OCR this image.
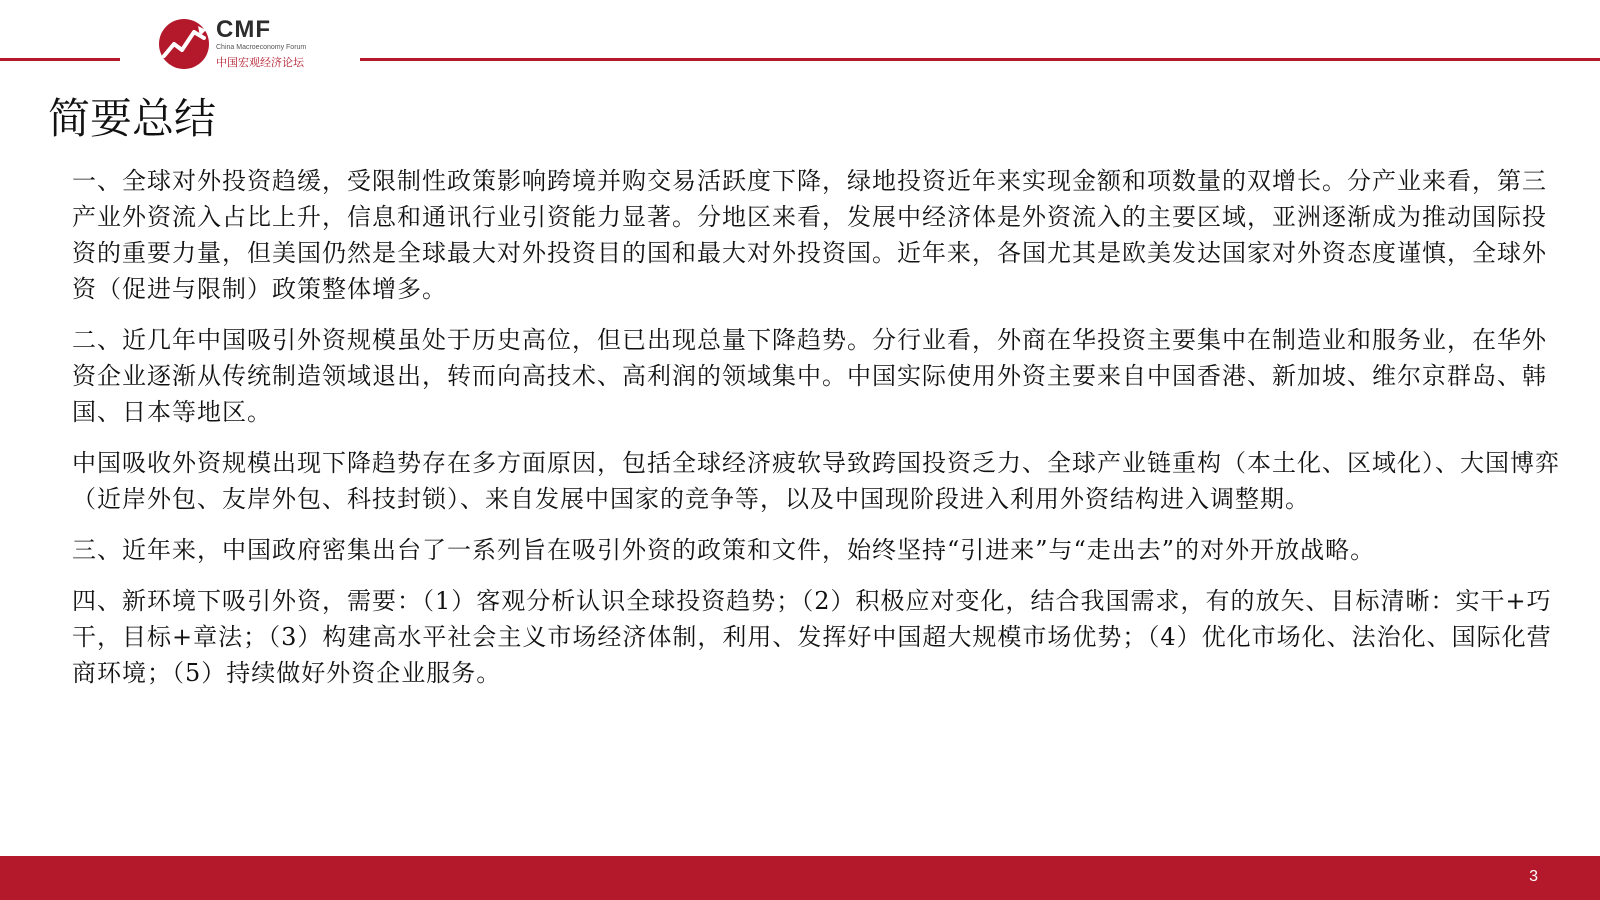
CMF
China Macroeconomy Forum
中国宏观经济论坛
简要总结

一、全球对外投资趋缓，受限制性政策影响跨境并购交易活跃度下降，绿地投资近年来实现金额和项数量的双增长。分产业来看，第三产业外资流入占比上升，信息和通讯行业引资能力显著。分地区来看，发展中经济体是外资流入的主要区域，亚洲逐渐成为推动国际投资的重要力量，但美国仍然是全球最大对外投资目的国和最大对外投资国。近年来，各国尤其是欧美发达国家对外资态度谨慎，全球外资（促进与限制）政策整体增多。

二、近几年中国吸引外资规模虽处于历史高位，但已出现总量下降趋势。分行业看，外商在华投资主要集中在制造业和服务业，在华外资企业逐渐从传统制造领域退出，转而向高技术、高利润的领域集中。中国实际使用外资主要来自中国香港、新加坡、维尔京群岛、韩国、日本等地区。

中国吸收外资规模出现下降趋势存在多方面原因，包括全球经济疲软导致跨国投资乏力、全球产业链重构（本土化、区域化）、大国博弈（近岸外包、友岸外包、科技封锁）、来自发展中国家的竞争等，以及中国现阶段进入利用外资结构进入调整期。

三、近年来，中国政府密集出台了一系列旨在吸引外资的政策和文件，始终坚持“引进来”与“走出去”的对外开放战略。

四、新环境下吸引外资，需要：（1）客观分析认识全球投资趋势；（2）积极应对变化，结合我国需求，有的放矢、目标清晰：实干+巧干，目标+章法；（3）构建高水平社会主义市场经济体制，利用、发挥好中国超大规模市场优势；（4）优化市场化、法治化、国际化营商环境；（5）持续做好外资企业服务。

3
